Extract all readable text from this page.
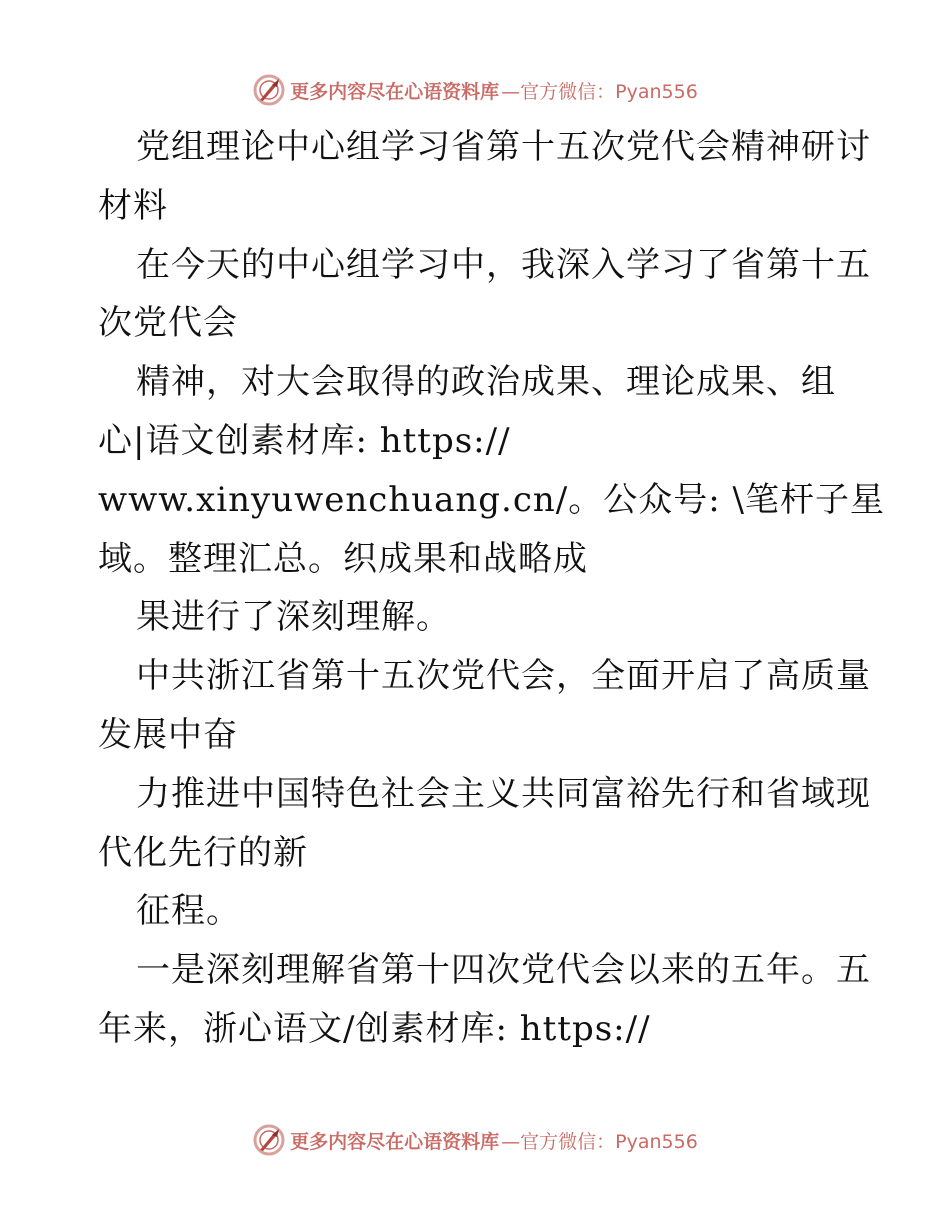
更多内容尽在心语资料库 —官方微信：Pyan556
党组理论中心组学习省第十五次党代会精神研讨
材料
在今天的中心组学习中，我深入学习了省第十五
次党代会
精神，对大会取得的政治成果、理论成果、组
心|语文创素材库: https://
www.xinyuwenchuang.cn/。公众号: \笔杆子星
域。整理汇总。织成果和战略成
果进行了深刻理解。
中共浙江省第十五次党代会，全面开启了高质量
发展中奋
力推进中国特色社会主义共同富裕先行和省域现
代化先行的新
征程。
一是深刻理解省第十四次党代会以来的五年。五
年来，浙心语文/创素材库: https://
更多内容尽在心语资料库 —官方微信：Pyan556
